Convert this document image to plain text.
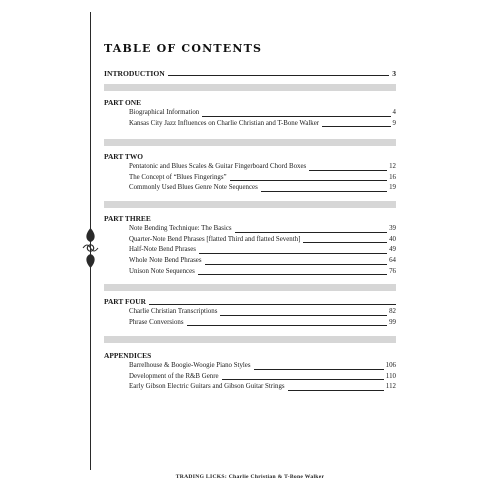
TABLE OF CONTENTS
INTRODUCTION	3
PART ONE
Biographical Information	4
Kansas City Jazz Influences on Charlie Christian and T-Bone Walker	9
PART TWO
Pentatonic and Blues Scales & Guitar Fingerboard Chord Boxes	12
The Concept of “Blues Fingerings”	16
Commonly Used Blues Genre Note Sequences	19
PART THREE
Note Bending Technique: The Basics	39
Quarter-Note Bend Phrases [flatted Third and flatted Seventh]	40
Half-Note Bend Phrases	49
Whole Note Bend Phrases	64
Unison Note Sequences	76
PART FOUR
Charlie Christian Transcriptions	82
Phrase Conversions	99
APPENDICES
Barrelhouse & Boogie-Woogie Piano Styles	106
Development of the R&B Genre	110
Early Gibson Electric Guitars and Gibson Guitar Strings	112
TRADING LICKS: Charlie Christian & T-Bone Walker
